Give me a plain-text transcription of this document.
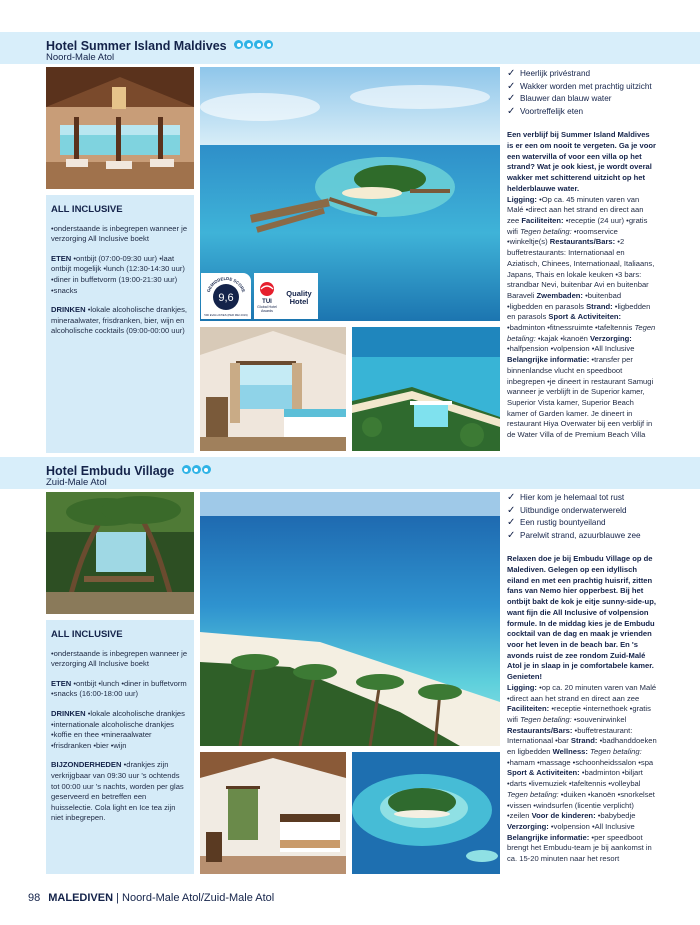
Hotel Summer Island Maldives
Noord-Male Atol
ALL INCLUSIVE

•onderstaande is inbegrepen wanneer je verzorging All Inclusive boekt

ETEN •ontbijt (07:00-09:30 uur) •laat ontbijt mogelijk •lunch (12:30-14:30 uur) •diner in buffetvorm (19:00-21:30 uur) •snacks

DRINKEN •lokale alcoholische drankjes, mineraalwater, frisdranken, bier, wijn en alcoholische cocktails (09:00-00:00 uur)

GEMIDDELDE SCORE
9,6
590 EVALUATIES (PER MEI 2019)
TUI
Global Hotel
Awards
Quality
Hotel
✓ Heerlijk privéstrand
✓ Wakker worden met prachtig uitzicht
✓ Blauwer dan blauw water
✓ Voortreffelijk eten

Een verblijf bij Summer Island Maldives is er een om nooit te vergeten. Ga je voor een watervilla of voor een villa op het strand? Wat je ook kiest, je wordt overal wakker met schitterend uitzicht op het helderblauwe water.

Ligging: •Op ca. 45 minuten varen van Malé •direct aan het strand en direct aan zee Faciliteiten: •receptie (24 uur) •gratis wifi Tegen betaling: •roomservice •winkeltje(s) Restaurants/Bars: •2 buffetrestaurants: Internationaal en Aziatisch, Chinees, Internationaal, Italiaans, Japans, Thais en lokale keuken •3 bars: strandbar Nevi, buitenbar Avi en buitenbar Baraveli Zwembaden: •buitenbad •ligbedden en parasols Strand: •ligbedden en parasols Sport & Activiteiten: •badminton •fitnessruimte •tafeltennis Tegen betaling: •kajak •kanoën Verzorging: •halfpension •volpension •All Inclusive Belangrijke informatie: •transfer per binnenlandse vlucht en speedboot inbegrepen •je dineert in restaurant Samugi wanneer je verblijft in de Superior kamer, Superior Vista kamer, Superior Beach kamer of Garden kamer. Je dineert in restaurant Hiya Overwater bij een verblijf in de Water Villa of de Premium Beach Villa

Hotel Embudu Village
Zuid-Male Atol
ALL INCLUSIVE

•onderstaande is inbegrepen wanneer je verzorging All Inclusive boekt

ETEN •ontbijt •lunch •diner in buffetvorm •snacks (16:00-18:00 uur)

DRINKEN •lokale alcoholische drankjes •internationale alcoholische drankjes •koffie en thee •mineraalwater •frisdranken •bier •wijn

BIJZONDERHEDEN •drankjes zijn verkrijgbaar van 09:30 uur 's ochtends tot 00:00 uur 's nachts, worden per glas geserveerd en betreffen een huisselectie. Cola light en Ice tea zijn niet inbegrepen.

✓ Hier kom je helemaal tot rust
✓ Uitbundige onderwaterwereld
✓ Een rustig bountyeiland
✓ Parelwit strand, azuurblauwe zee

Relaxen doe je bij Embudu Village op de Malediven. Gelegen op een idyllisch eiland en met een prachtig huisrif, zitten fans van Nemo hier opperbest. Bij het ontbijt bakt de kok je eitje sunny-side-up, want fijn die All Inclusive of volpension formule. In de middag kies je de Embudu cocktail van de dag en maak je vrienden voor het leven in de beach bar. En 's avonds ruist de zee rondom Zuid-Malé Atol je in slaap in je comfortabele kamer. Genieten!

Ligging: •op ca. 20 minuten varen van Malé •direct aan het strand en direct aan zee Faciliteiten: •receptie •internethoek •gratis wifi Tegen betaling: •souvenirwinkel Restaurants/Bars: •buffetrestaurant: Internationaal •bar Strand: •badhanddoeken en ligbedden Wellness: Tegen betaling: •hamam •massage •schoonheidssalon •spa Sport & Activiteiten: •badminton •biljart •darts •livemuziek •tafeltennis •volleybal Tegen betaling: •duiken •kanoën •snorkelset •vissen •windsurfen (licentie verplicht) •zeilen Voor de kinderen: •babybedje Verzorging: •volpension •All Inclusive Belangrijke informatie: •per speedboot brengt het Embudu-team je bij aankomst in ca. 15-20 minuten naar het resort

98 MALEDIVEN | Noord-Male Atol/Zuid-Male Atol
